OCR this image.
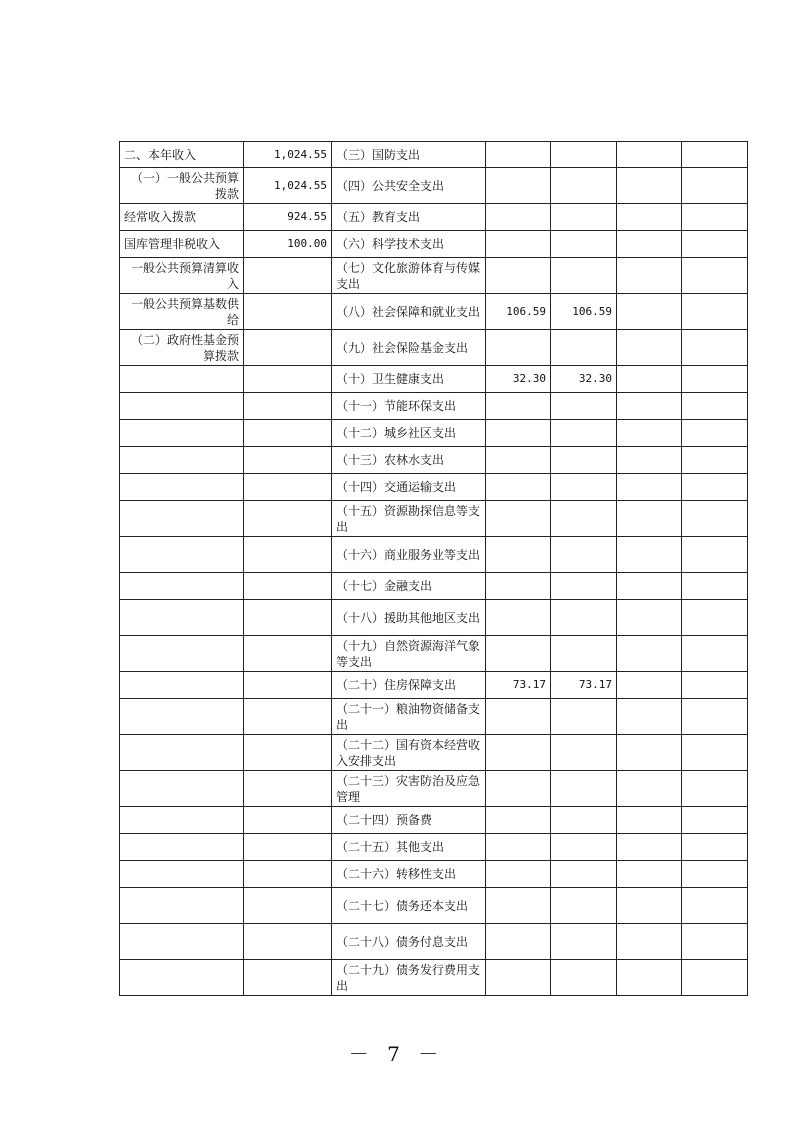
二、本年收入	1,024.55	（三）国防支出				
（一）一般公共预算拨款	1,024.55	（四）公共安全支出				
经常收入拨款	924.55	（五）教育支出				
国库管理非税收入	100.00	（六）科学技术支出				
一般公共预算清算收入		（七）文化旅游体育与传媒支出				
一般公共预算基数供给		（八）社会保障和就业支出	106.59	106.59		
（二）政府性基金预算拨款		（九）社会保险基金支出				
		（十）卫生健康支出	32.30	32.30		
		（十一）节能环保支出				
		（十二）城乡社区支出				
		（十三）农林水支出				
		（十四）交通运输支出				
		（十五）资源勘探信息等支出				
		（十六）商业服务业等支出				
		（十七）金融支出				
		（十八）援助其他地区支出				
		（十九）自然资源海洋气象等支出				
		（二十）住房保障支出	73.17	73.17		
		（二十一）粮油物资储备支出				
		（二十二）国有资本经营收入安排支出				
		（二十三）灾害防治及应急管理				
		（二十四）预备费				
		（二十五）其他支出				
		（二十六）转移性支出				
		（二十七）债务还本支出				
		（二十八）债务付息支出				
		（二十九）债务发行费用支出				
－ 7 －
